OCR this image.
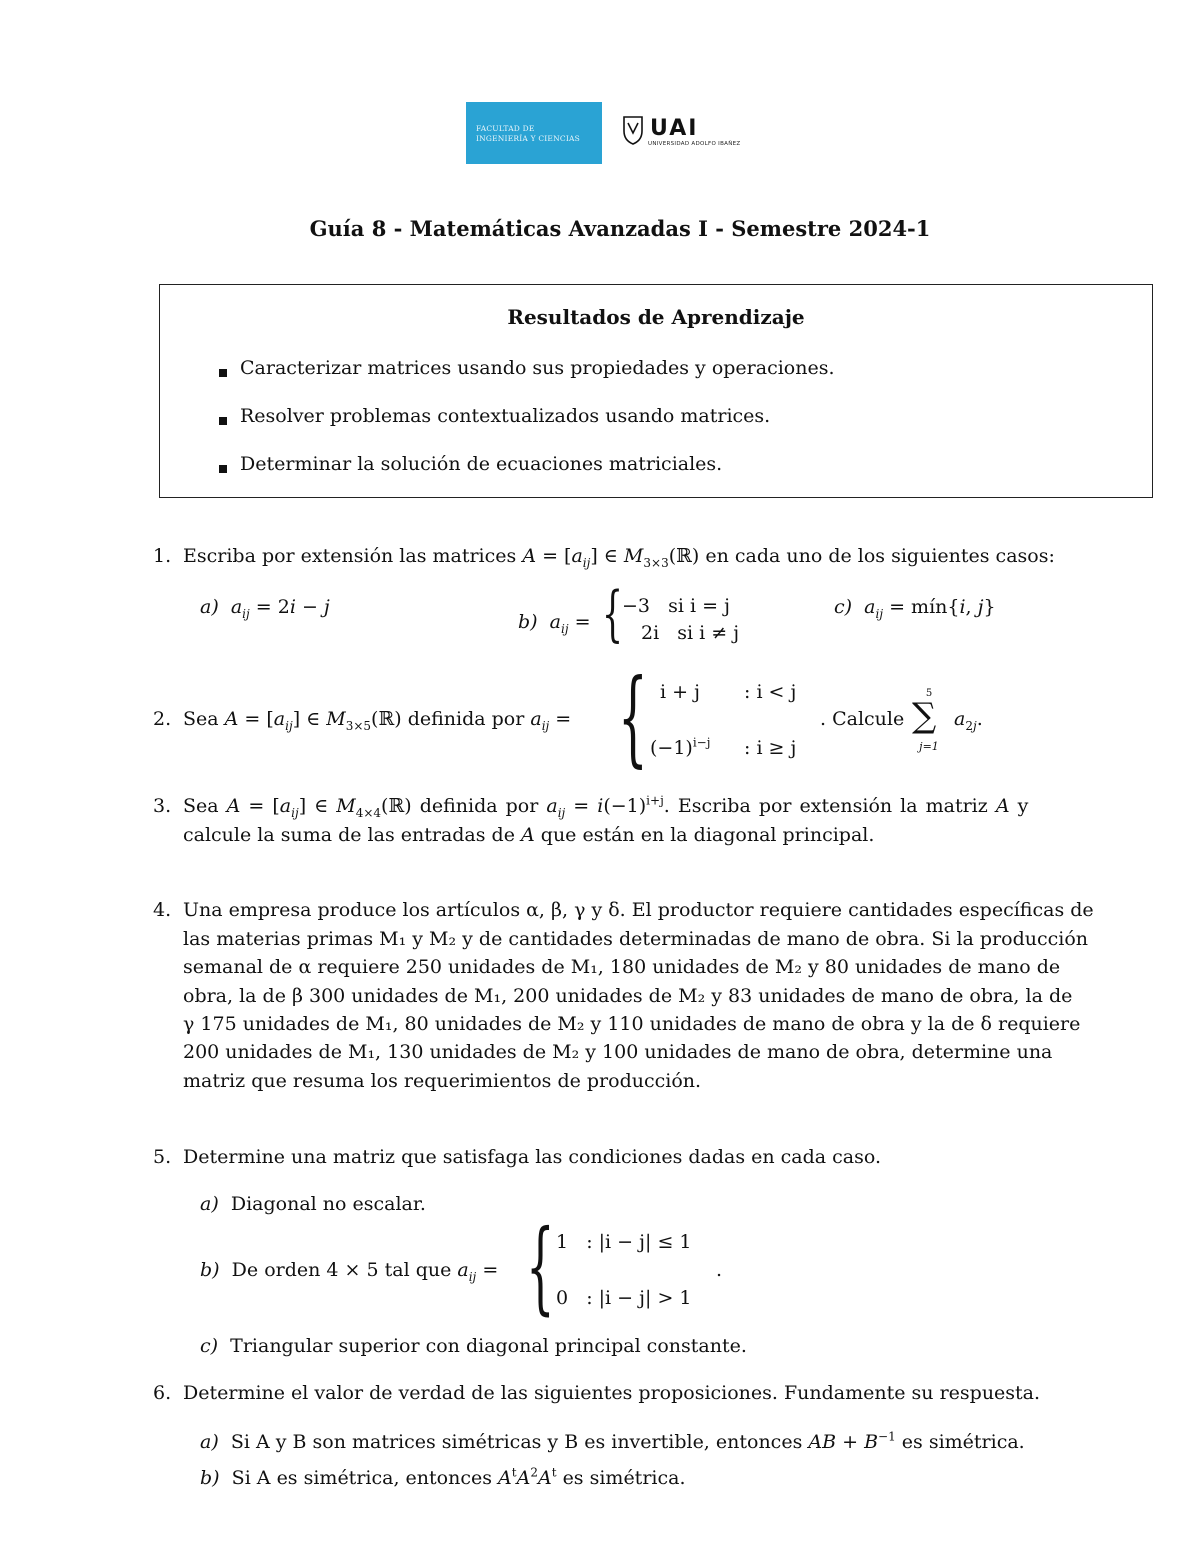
FACULTAD DE
INGENIERÍA Y CIENCIAS	UAI
UNIVERSIDAD ADOLFO IBAÑEZ
Guía 8 - Matemáticas Avanzadas I - Semestre 2024-1
Resultados de Aprendizaje
Caracterizar matrices usando sus propiedades y operaciones.
Resolver problemas contextualizados usando matrices.
Determinar la solución de ecuaciones matriciales.
1. Escriba por extensión las matrices $A = [a_{ij}]$ ∈ $M_{3\times 3}(ℝ)$ en cada uno de los siguientes casos:
a) $a_{ij} = 2i - j$
b) $a_{ij}$ = {
−3 si i = j
2i si i ≠ j
c) $a_{ij}$ = mín{i, j}
2. Sea $A = [a_{ij}]$ ∈ $M_{3\times 5}(ℝ)$ definida por $a_{ij}$ = { i + j : i < j
$(-1)^{i-j}$ : i ≥ j
. Calcule
5
∑
j=1
$a_{2j}$.
3. Sea $A = [a_{ij}]$ ∈ $M_{4\times 4}(ℝ)$ definida por $a_{ij} = i(-1)^{i+j}$. Escriba por extensión la matriz A y
calcule la suma de las entradas de A que están en la diagonal principal.
4. Una empresa produce los artículos α, β, γ y δ. El productor requiere cantidades específicas de
las materias primas M₁ y M₂ y de cantidades determinadas de mano de obra. Si la producción
semanal de α requiere 250 unidades de M₁, 180 unidades de M₂ y 80 unidades de mano de
obra, la de β 300 unidades de M₁, 200 unidades de M₂ y 83 unidades de mano de obra, la de
γ 175 unidades de M₁, 80 unidades de M₂ y 110 unidades de mano de obra y la de δ requiere
200 unidades de M₁, 130 unidades de M₂ y 100 unidades de mano de obra, determine una
matriz que resuma los requerimientos de producción.
5. Determine una matriz que satisfaga las condiciones dadas en cada caso.
a) Diagonal no escalar.
b) De orden 4 × 5 tal que $a_{ij}$ = { 1   : |i − j| ≤ 1
0   : |i − j| > 1
.
c) Triangular superior con diagonal principal constante.
6. Determine el valor de verdad de las siguientes proposiciones. Fundamente su respuesta.
a) Si A y B son matrices simétricas y B es invertible, entonces AB + $B^{-1}$ es simétrica.
b) Si A es simétrica, entonces $A^tA^2A^t$ es simétrica.
